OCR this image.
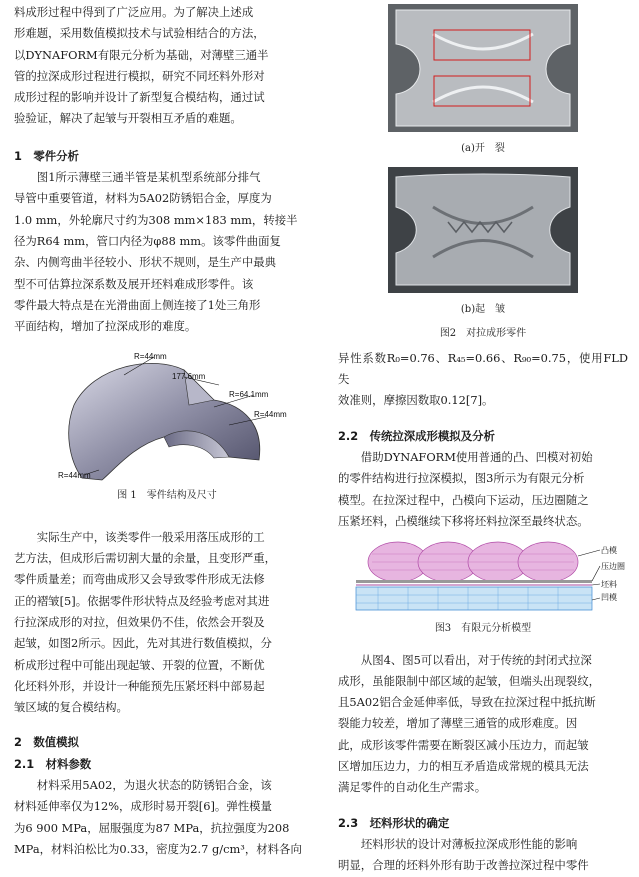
料成形过程中得到了广泛应用。为了解决上述成

形难题，采用数值模拟技术与试验相结合的方法，

以DYNAFORM有限元分析为基础，对薄壁三通半

管的拉深成形过程进行模拟，研究不同坯料外形对

成形过程的影响并设计了新型复合模结构，通过试

验验证，解决了起皱与开裂相互矛盾的难题。

1　零件分析

图1所示薄壁三通半管是某机型系统部分排气

导管中重要管道，材料为5A02防锈铝合金，厚度为

1.0 mm，外轮廓尺寸约为308 mm×183 mm，转接半

径为R64 mm，管口内径为φ88 mm。该零件曲面复

杂、内侧弯曲半径较小、形状不规则，是生产中最典

型不可估算拉深系数及展开坯料难成形零件。该

零件最大特点是在光滑曲面上侧连接了1处三角形

平面结构，增加了拉深成形的难度。

R=44mm
177.6mm
R=64.1mm
R=44mm
R=44mm

图 1　零件结构及尺寸

实际生产中，该类零件一般采用落压成形的工

艺方法，但成形后需切割大量的余量，且变形严重，

零件质量差；而弯曲成形又会导致零件形成无法修

正的褶皱[5]。依据零件形状特点及经验考虑对其进

行拉深成形的对拉，但效果仍不佳，依然会开裂及

起皱，如图2所示。因此，先对其进行数值模拟，分

析成形过程中可能出现起皱、开裂的位置，不断优

化坯料外形，并设计一种能预先压紧坯料中部易起

皱区域的复合模结构。

2　数值模拟

2.1　材料参数

材料采用5A02，为退火状态的防锈铝合金，该

材料延伸率仅为12%，成形时易开裂[6]。弹性模量

为6 900 MPa，屈服强度为87 MPa，抗拉强度为208

MPa，材料泊松比为0.33，密度为2.7 g/cm³，材料各向

(a)开　裂

(b)起　皱

图2　对拉成形零件

异性系数R₀=0.76、R₄₅=0.66、R₉₀=0.75，使用FLD失

效准则，摩擦因数取0.12[7]。

2.2　传统拉深成形模拟及分析

借助DYNAFORM使用普通的凸、凹模对初始

的零件结构进行拉深模拟，图3所示为有限元分析

模型。在拉深过程中，凸模向下运动，压边圈随之

压紧坯料，凸模继续下移将坯料拉深至最终状态。

凸模
压边圈
坯料
凹模

图3　有限元分析模型

从图4、图5可以看出，对于传统的封闭式拉深

成形，虽能限制中部区域的起皱，但端头出现裂纹，

且5A02铝合金延伸率低，导致在拉深过程中抵抗断

裂能力较差，增加了薄壁三通管的成形难度。因

此，成形该零件需要在断裂区减小压边力，而起皱

区增加压边力，力的相互矛盾造成常规的模具无法

满足零件的自动化生产需求。

2.3　坯料形状的确定

坯料形状的设计对薄板拉深成形性能的影响

明显，合理的坯料外形有助于改善拉深过程中零件
